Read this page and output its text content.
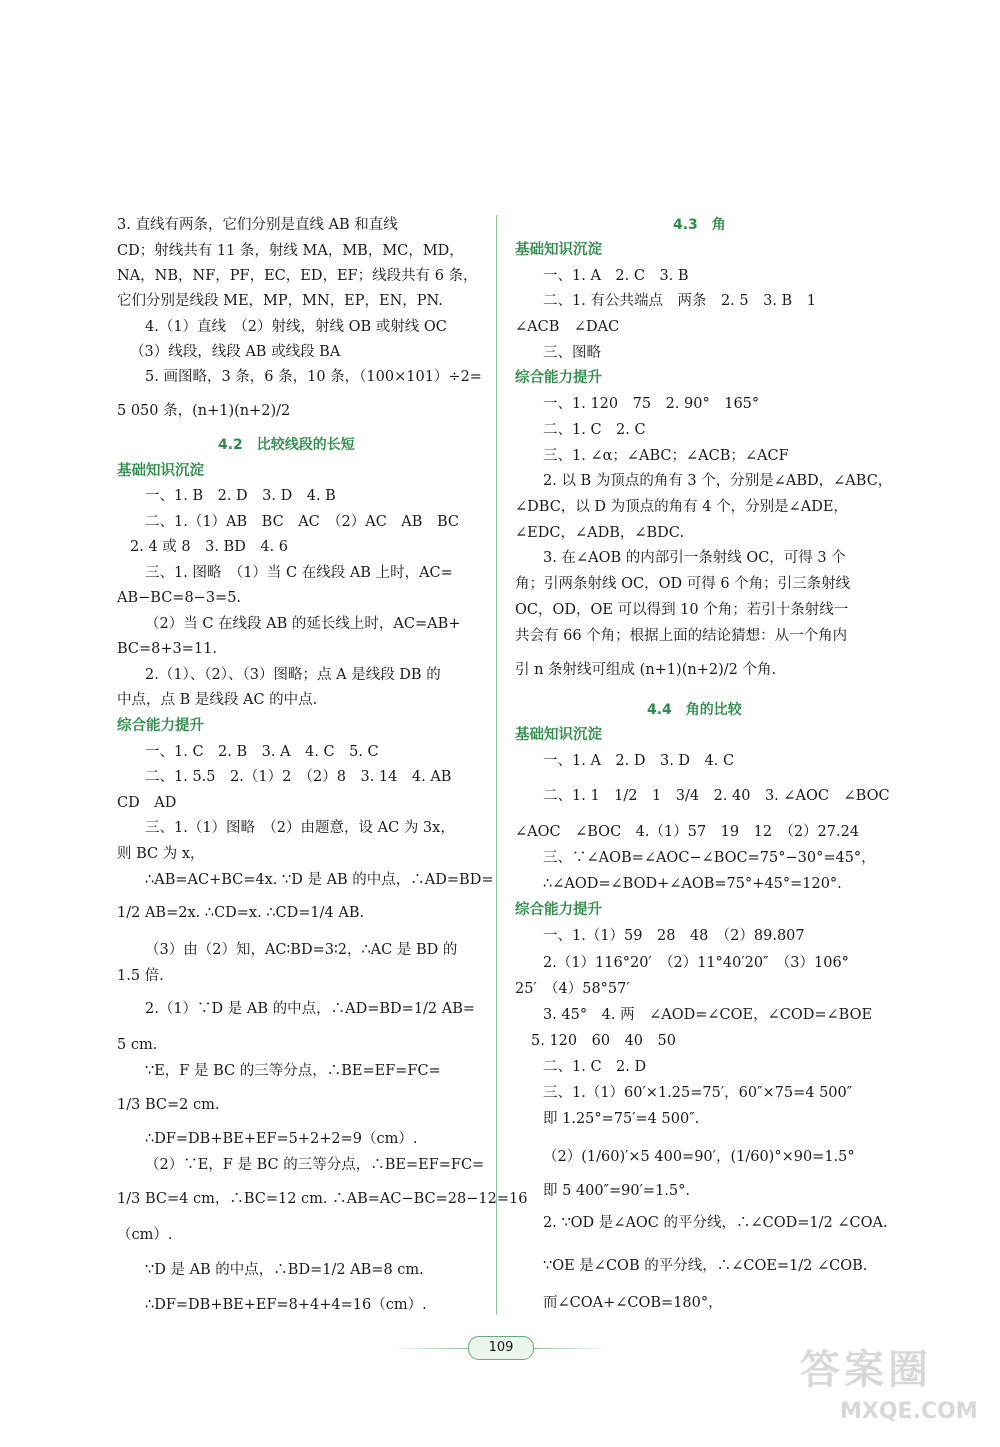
3. 直线有两条，它们分别是直线 AB 和直线
CD；射线共有 11 条，射线 MA，MB，MC，MD，
NA，NB，NF，PF，EC，ED，EF；线段共有 6 条，
它们分别是线段 ME，MP，MN，EP，EN，PN.
4.（1）直线　（2）射线，射线 OB 或射线 OC
（3）线段，线段 AB 或线段 BA
5. 画图略，3 条，6 条，10 条，（100×101）÷2=
5 050 条，(n+1)(n+2)/2
4.2　比较线段的长短
基础知识沉淀
一、1. B　2. D　3. D　4. B
二、1.（1）AB　BC　AC　（2）AC　AB　BC
2. 4 或 8　3. BD　4. 6
三、1. 图略　（1）当 C 在线段 AB 上时，AC=
AB−BC=8−3=5.
（2）当 C 在线段 AB 的延长线上时，AC=AB+
BC=8+3=11.
2.（1）、（2）、（3）图略；点 A 是线段 DB 的
中点，点 B 是线段 AC 的中点.
综合能力提升
一、1. C　2. B　3. A　4. C　5. C
二、1. 5.5　2.（1）2　（2）8　3. 14　4. AB
CD　AD
三、1.（1）图略　（2）由题意，设 AC 为 3x，
则 BC 为 x，
∴AB=AC+BC=4x. ∵D 是 AB 的中点，∴AD=BD=
1/2 AB=2x. ∴CD=x. ∴CD=1/4 AB.
（3）由（2）知，AC∶BD=3∶2，∴AC 是 BD 的
1.5 倍.
2.（1）∵D 是 AB 的中点，∴AD=BD=1/2 AB=
5 cm.
∵E，F 是 BC 的三等分点，∴BE=EF=FC=
1/3 BC=2 cm.
∴DF=DB+BE+EF=5+2+2=9（cm）.
（2）∵E，F 是 BC 的三等分点，∴BE=EF=FC=
1/3 BC=4 cm，∴BC=12 cm. ∴AB=AC−BC=28−12=16
（cm）.
∵D 是 AB 的中点，∴BD=1/2 AB=8 cm.
∴DF=DB+BE+EF=8+4+4=16（cm）.
4.3　角
基础知识沉淀
一、1. A　2. C　3. B
二、1. 有公共端点　两条　2. 5　3. B　1
∠ACB　∠DAC
三、图略
综合能力提升
一、1. 120　75　2. 90°　165°
二、1. C　2. C
三、1. ∠α；∠ABC；∠ACB；∠ACF
2. 以 B 为顶点的角有 3 个，分别是∠ABD，∠ABC，
∠DBC，以 D 为顶点的角有 4 个，分别是∠ADE，
∠EDC，∠ADB，∠BDC.
3. 在∠AOB 的内部引一条射线 OC，可得 3 个
角；引两条射线 OC，OD 可得 6 个角；引三条射线
OC，OD，OE 可以得到 10 个角；若引十条射线一
共会有 66 个角；根据上面的结论猜想：从一个角内
引 n 条射线可组成 (n+1)(n+2)/2 个角.
4.4　角的比较
基础知识沉淀
一、1. A　2. D　3. D　4. C
二、1. 1　1/2　1　3/4　2. 40　3. ∠AOC　∠BOC
∠AOC　∠BOC　4.（1）57　19　12　（2）27.24
三、∵∠AOB=∠AOC−∠BOC=75°−30°=45°，
∴∠AOD=∠BOD+∠AOB=75°+45°=120°.
综合能力提升
一、1.（1）59　28　48　（2）89.807
2.（1）116°20′　（2）11°40′20″　（3）106°
25′　（4）58°57′
3. 45°　4. 两　∠AOD=∠COE，∠COD=∠BOE
5. 120　60　40　50
二、1. C　2. D
三、1.（1）60′×1.25=75′，60″×75=4 500″
即 1.25°=75′=4 500″.
（2）(1/60)′×5 400=90′，(1/60)°×90=1.5°
即 5 400″=90′=1.5°.
2. ∵OD 是∠AOC 的平分线，∴∠COD=1/2 ∠COA.
∵OE 是∠COB 的平分线，∴∠COE=1/2 ∠COB.
而∠COA+∠COB=180°，
109	答案圈
MXQE.COM
